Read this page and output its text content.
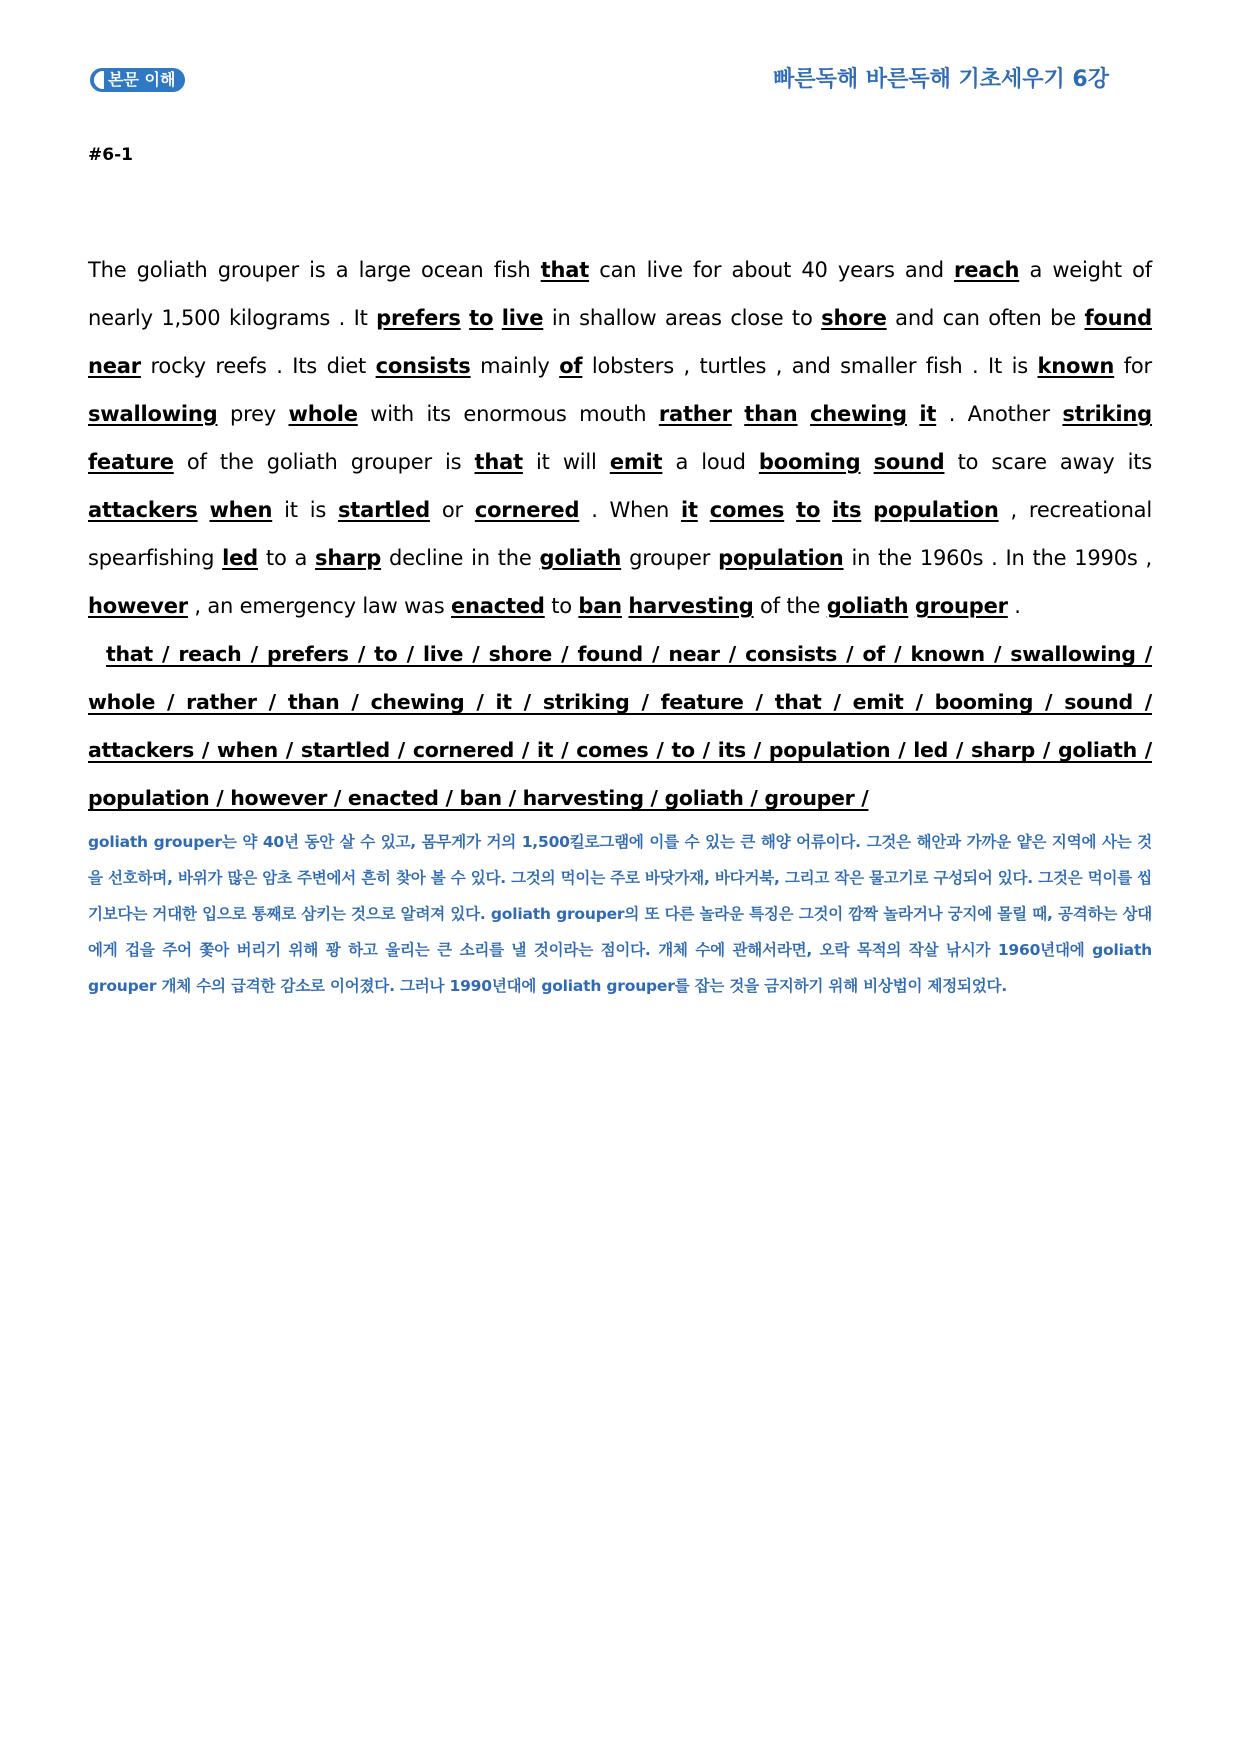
본문 이해	빠른독해 바른독해 기초세우기 6강
#6-1
The goliath grouper is a large ocean fish that can live for about 40 years and reach a weight of nearly 1,500 kilograms . It prefers to live in shallow areas close to shore and can often be found near rocky reefs . Its diet consists mainly of lobsters , turtles , and smaller fish . It is known for swallowing prey whole with its enormous mouth rather than chewing it . Another striking feature of the goliath grouper is that it will emit a loud booming sound to scare away its attackers when it is startled or cornered . When it comes to its population , recreational spearfishing led to a sharp decline in the goliath grouper population in the 1960s . In the 1990s , however , an emergency law was enacted to ban harvesting of the goliath grouper .
that / reach / prefers / to / live / shore / found / near / consists / of / known / swallowing / whole / rather / than / chewing / it / striking / feature / that / emit / booming / sound / attackers / when / startled / cornered / it / comes / to / its / population / led / sharp / goliath / population / however / enacted / ban / harvesting / goliath / grouper /
goliath grouper는 약 40년 동안 살 수 있고, 몸무게가 거의 1,500킬로그램에 이를 수 있는 큰 해양 어류이다. 그것은 해안과 가까운 얕은 지역에 사는 것을 선호하며, 바위가 많은 암초 주변에서 흔히 찾아 볼 수 있다. 그것의 먹이는 주로 바닷가재, 바다거북, 그리고 작은 물고기로 구성되어 있다. 그것은 먹이를 씹기보다는 거대한 입으로 통째로 삼키는 것으로 알려져 있다. goliath grouper의 또 다른 놀라운 특징은 그것이 깜짝 놀라거나 궁지에 몰릴 때, 공격하는 상대에게 겁을 주어 쫓아 버리기 위해 꽝 하고 울리는 큰 소리를 낼 것이라는 점이다. 개체 수에 관해서라면, 오락 목적의 작살 낚시가 1960년대에 goliath grouper 개체 수의 급격한 감소로 이어졌다. 그러나 1990년대에 goliath grouper를 잡는 것을 금지하기 위해 비상법이 제정되었다.
